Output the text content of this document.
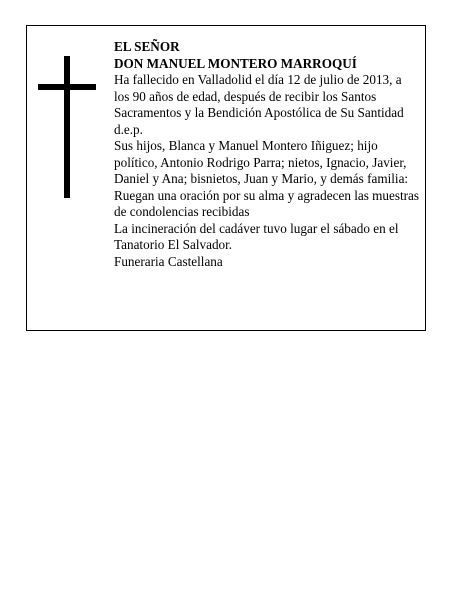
EL SEÑOR

DON MANUEL MONTERO MARROQUÍ

Ha fallecido en Valladolid el día 12 de julio de 2013, a los 90 años de edad, después de recibir los Santos Sacramentos y la Bendición Apostólica de Su Santidad d.e.p.

Sus hijos, Blanca y Manuel Montero Iñiguez; hijo político, Antonio Rodrigo Parra; nietos, Ignacio, Javier, Daniel y Ana; bisnietos, Juan y Mario, y demás familia: Ruegan una oración por su alma y agradecen las muestras de condolencias recibidas

La incineración del cadáver tuvo lugar el sábado en el Tanatorio El Salvador.

Funeraria Castellana
